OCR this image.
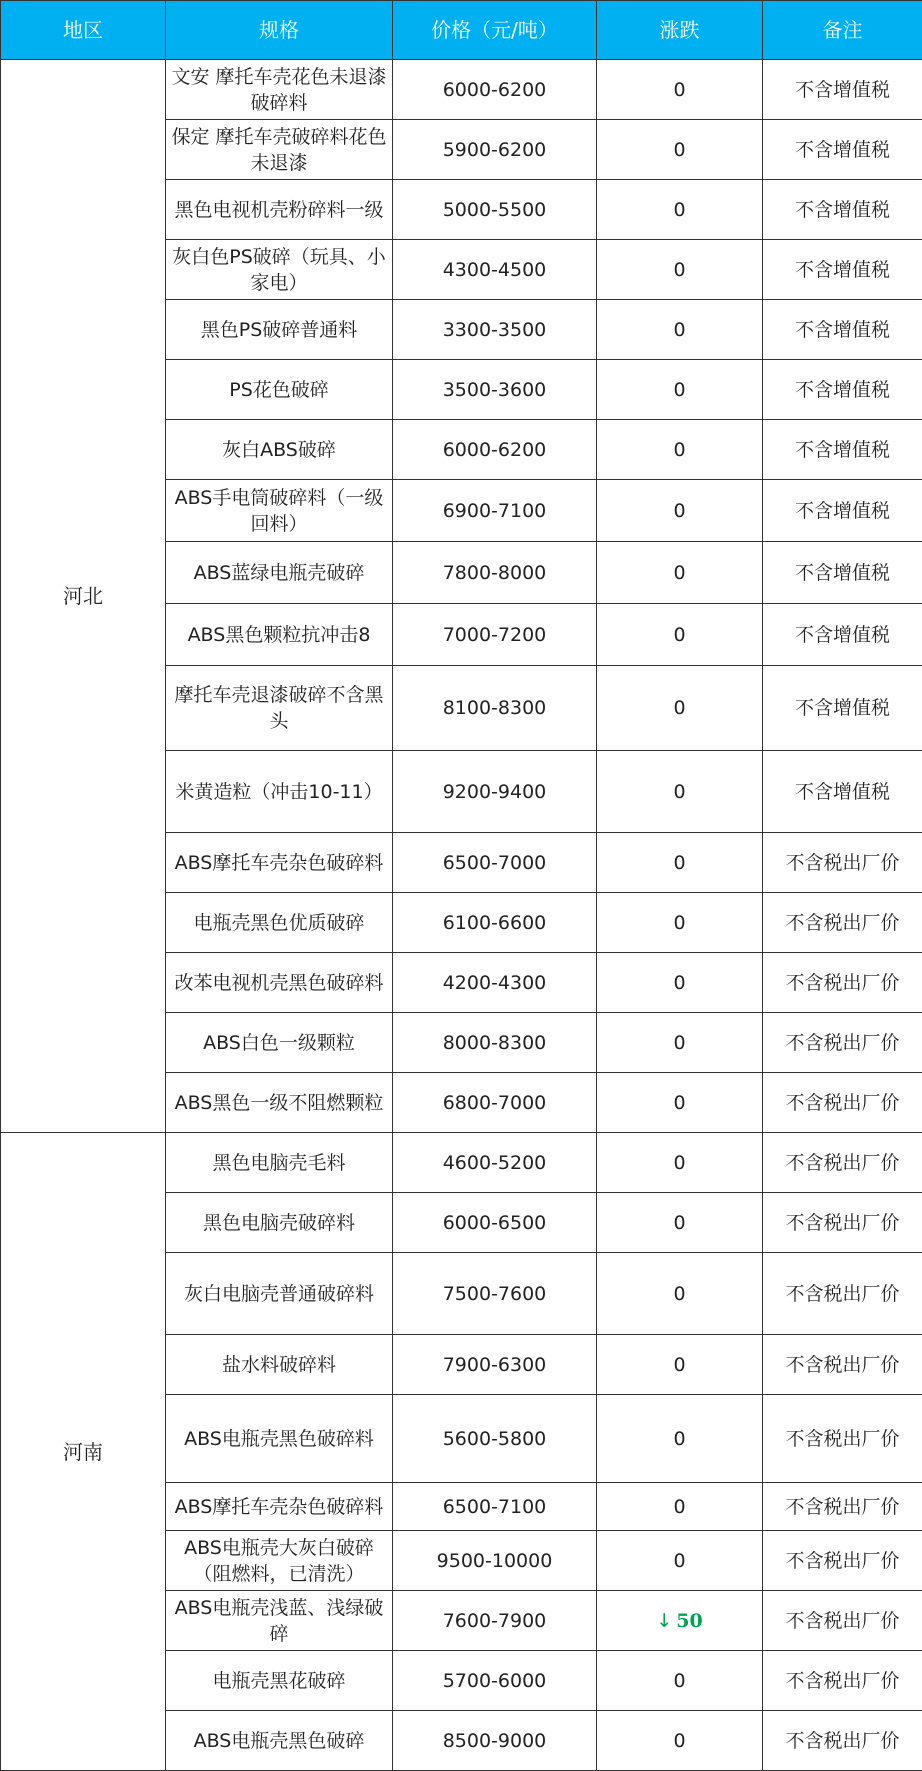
地区	规格	价格（元/吨）	涨跌	备注
河北	文安 摩托车壳花色未退漆破碎料	6000-6200	0	不含增值税
	保定 摩托车壳破碎料花色未退漆	5900-6200	0	不含增值税
	黑色电视机壳粉碎料一级	5000-5500	0	不含增值税
	灰白色PS破碎（玩具、小家电）	4300-4500	0	不含增值税
	黑色PS破碎普通料	3300-3500	0	不含增值税
	PS花色破碎	3500-3600	0	不含增值税
	灰白ABS破碎	6000-6200	0	不含增值税
	ABS手电筒破碎料（一级回料）	6900-7100	0	不含增值税
	ABS蓝绿电瓶壳破碎	7800-8000	0	不含增值税
	ABS黑色颗粒抗冲击8	7000-7200	0	不含增值税
	摩托车壳退漆破碎不含黑头	8100-8300	0	不含增值税
	米黄造粒（冲击10-11）	9200-9400	0	不含增值税
	ABS摩托车壳杂色破碎料	6500-7000	0	不含税出厂价
	电瓶壳黑色优质破碎	6100-6600	0	不含税出厂价
	改苯电视机壳黑色破碎料	4200-4300	0	不含税出厂价
	ABS白色一级颗粒	8000-8300	0	不含税出厂价
	ABS黑色一级不阻燃颗粒	6800-7000	0	不含税出厂价
河南	黑色电脑壳毛料	4600-5200	0	不含税出厂价
	黑色电脑壳破碎料	6000-6500	0	不含税出厂价
	灰白电脑壳普通破碎料	7500-7600	0	不含税出厂价
	盐水料破碎料	7900-6300	0	不含税出厂价
	ABS电瓶壳黑色破碎料	5600-5800	0	不含税出厂价
	ABS摩托车壳杂色破碎料	6500-7100	0	不含税出厂价
	ABS电瓶壳大灰白破碎（阻燃料，已清洗）	9500-10000	0	不含税出厂价
	ABS电瓶壳浅蓝、浅绿破碎	7600-7900	↓ 50	不含税出厂价
	电瓶壳黑花破碎	5700-6000	0	不含税出厂价
	ABS电瓶壳黑色破碎	8500-9000	0	不含税出厂价
